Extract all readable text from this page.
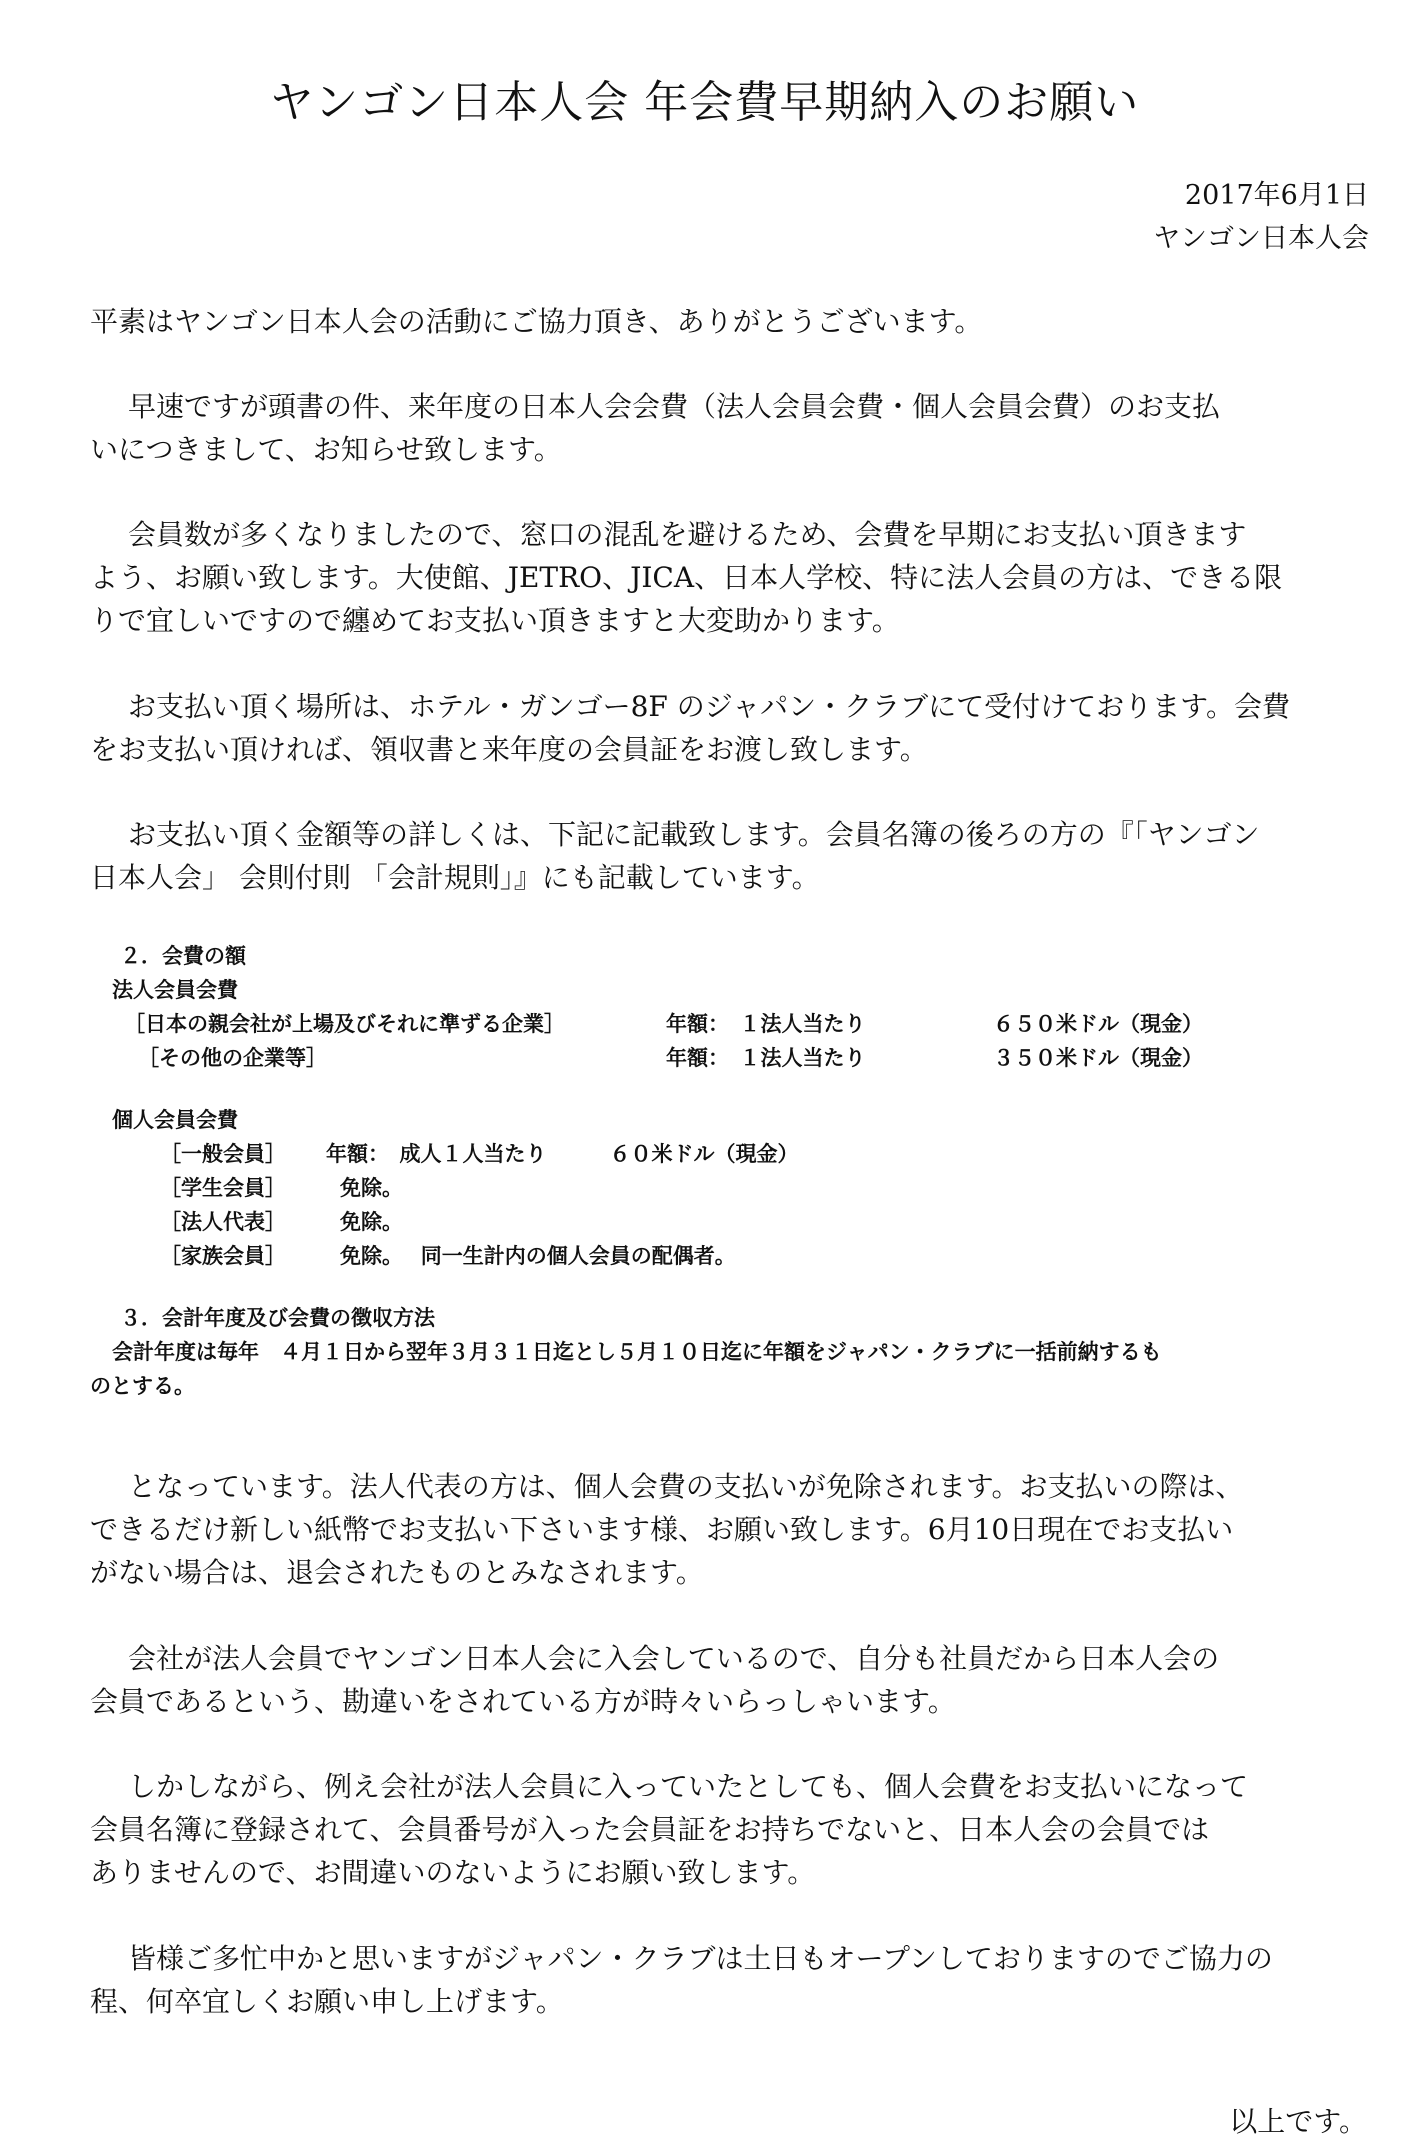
ヤンゴン日本人会 年会費早期納入のお願い
2017年6月1日
ヤンゴン日本人会
平素はヤンゴン日本人会の活動にご協力頂き、ありがとうございます。
早速ですが頭書の件、来年度の日本人会会費（法人会員会費・個人会員会費）のお支払
いにつきまして、お知らせ致します。
会員数が多くなりましたので、窓口の混乱を避けるため、会費を早期にお支払い頂きます
よう、お願い致します。大使館、JETRO、JICA、日本人学校、特に法人会員の方は、できる限
りで宜しいですので纏めてお支払い頂きますと大変助かります。
お支払い頂く場所は、ホテル・ガンゴー8F のジャパン・クラブにて受付けております。会費
をお支払い頂ければ、領収書と来年度の会員証をお渡し致します。
お支払い頂く金額等の詳しくは、下記に記載致します。会員名簿の後ろの方の『「ヤンゴン
日本人会」 会則付則 「会計規則」』にも記載しています。
２．会費の額
法人会員会費
［日本の親会社が上場及びそれに準ずる企業］	年額：　１法人当たり	６５０米ドル（現金）
［その他の企業等］	年額：　１法人当たり	３５０米ドル（現金）
個人会員会費
［一般会員］ 年額：　成人１人当たり　　　６０米ドル（現金）
［学生会員］	免除。
［法人代表］	免除。
［家族会員］	免除。　 同一生計内の個人会員の配偶者。
３．会計年度及び会費の徴収方法
会計年度は毎年　４月１日から翌年３月３１日迄とし５月１０日迄に年額をジャパン・クラブに一括前納するも
のとする。
となっています。法人代表の方は、個人会費の支払いが免除されます。お支払いの際は、
できるだけ新しい紙幣でお支払い下さいます様、お願い致します。6月10日現在でお支払い
がない場合は、退会されたものとみなされます。
会社が法人会員でヤンゴン日本人会に入会しているので、自分も社員だから日本人会の
会員であるという、勘違いをされている方が時々いらっしゃいます。
しかしながら、例え会社が法人会員に入っていたとしても、個人会費をお支払いになって
会員名簿に登録されて、会員番号が入った会員証をお持ちでないと、日本人会の会員では
ありませんので、お間違いのないようにお願い致します。
皆様ご多忙中かと思いますがジャパン・クラブは土日もオープンしておりますのでご協力の
程、何卒宜しくお願い申し上げます。
以上です。
